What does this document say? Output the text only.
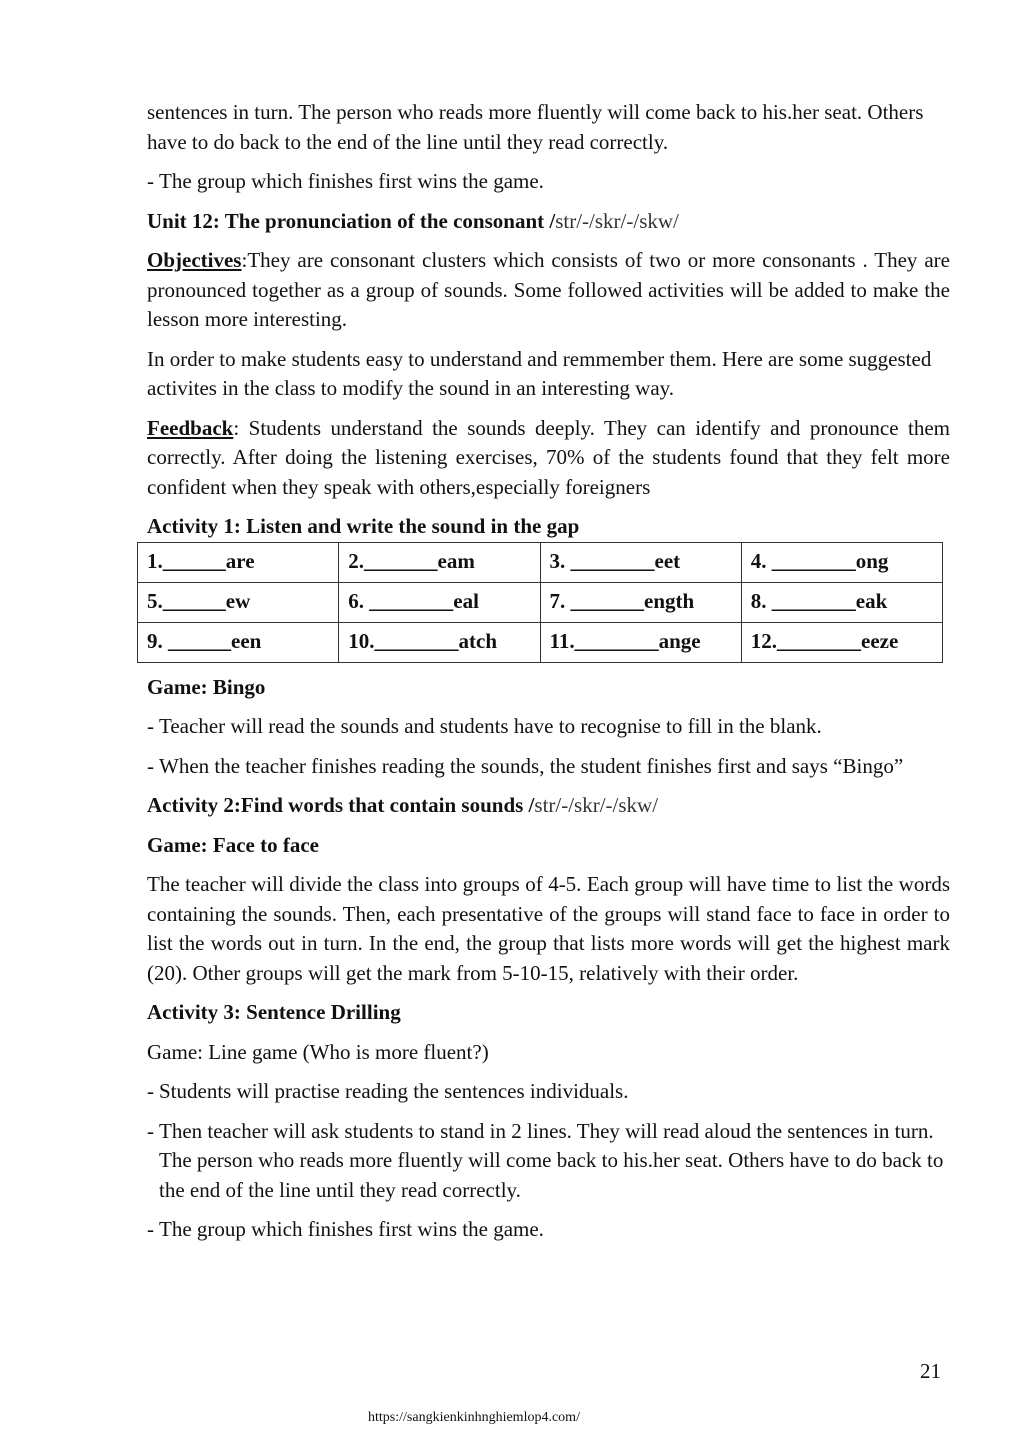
sentences in turn. The person who reads more fluently will come back to his.her seat. Others have to do back to the end of the line until they read correctly.

- The group which finishes first wins the game.

Unit 12: The pronunciation of the consonant /str/-/skr/-/skw/

Objectives:They are consonant clusters which consists of two or more consonants . They are pronounced together as a group of sounds. Some followed activities will be added to make the lesson more interesting.

In order to make students easy to understand and remmember them. Here are some suggested activites in the class to modify the sound in an interesting way.

Feedback: Students understand the sounds deeply. They can identify and pronounce them correctly. After doing the listening exercises, 70% of the students found that they felt more confident when they speak with others,especially foreigners

Activity 1: Listen and write the sound in the gap

1.______are	2._______eam	3. ________eet	4. ________ong
5.______ew	6. ________eal	7. _______ength	8. ________eak
9. ______een	10.________atch	11.________ange	12.________eeze

Game: Bingo

- Teacher will read the sounds and students have to recognise to fill in the blank.
- When the teacher finishes reading the sounds, the student finishes first and says “Bingo”

Activity 2:Find words that contain sounds /str/-/skr/-/skw/

Game: Face to face

The teacher will divide the class into groups of 4-5. Each group will have time to list the words containing the sounds. Then, each presentative of the groups will stand face to face in order to list the words out in turn. In the end, the group that lists more words will get the highest mark (20). Other groups will get the mark from 5-10-15, relatively with their order.

Activity 3: Sentence Drilling

Game: Line game (Who is more fluent?)

- Students will practise reading the sentences individuals.
- Then teacher will ask students to stand in 2 lines. They will read aloud the sentences in turn. The person who reads more fluently will come back to his.her seat. Others have to do back to the end of the line until they read correctly.
- The group which finishes first wins the game.
21
https://sangkienkinhnghiemlop4.com/
